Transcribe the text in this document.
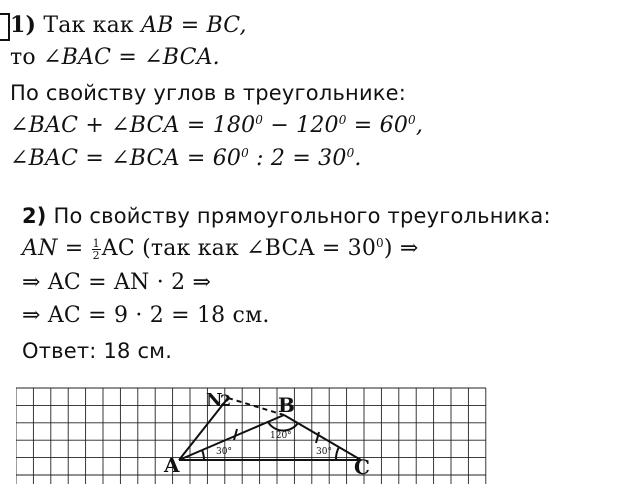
1) Так как AB = BC,
то ∠BAC = ∠BCA.
По свойству углов в треугольнике:
∠BAC + ∠BCA = $180^0 - 120^0 = 60^0$,
∠BAC = ∠BCA = $60^0$ : $2 = 30^0$.
2) По свойству прямоугольного треугольника:
AN = $\frac{1}{2}$ AC (так как ∠BCA = $30^0$) ⇒
⇒ AC = AN · 2 ⇒
⇒ AC = 9 · 2 = 18 см.
Ответ: 18 см.
A
B
C
N
2
30°
120°
30°
